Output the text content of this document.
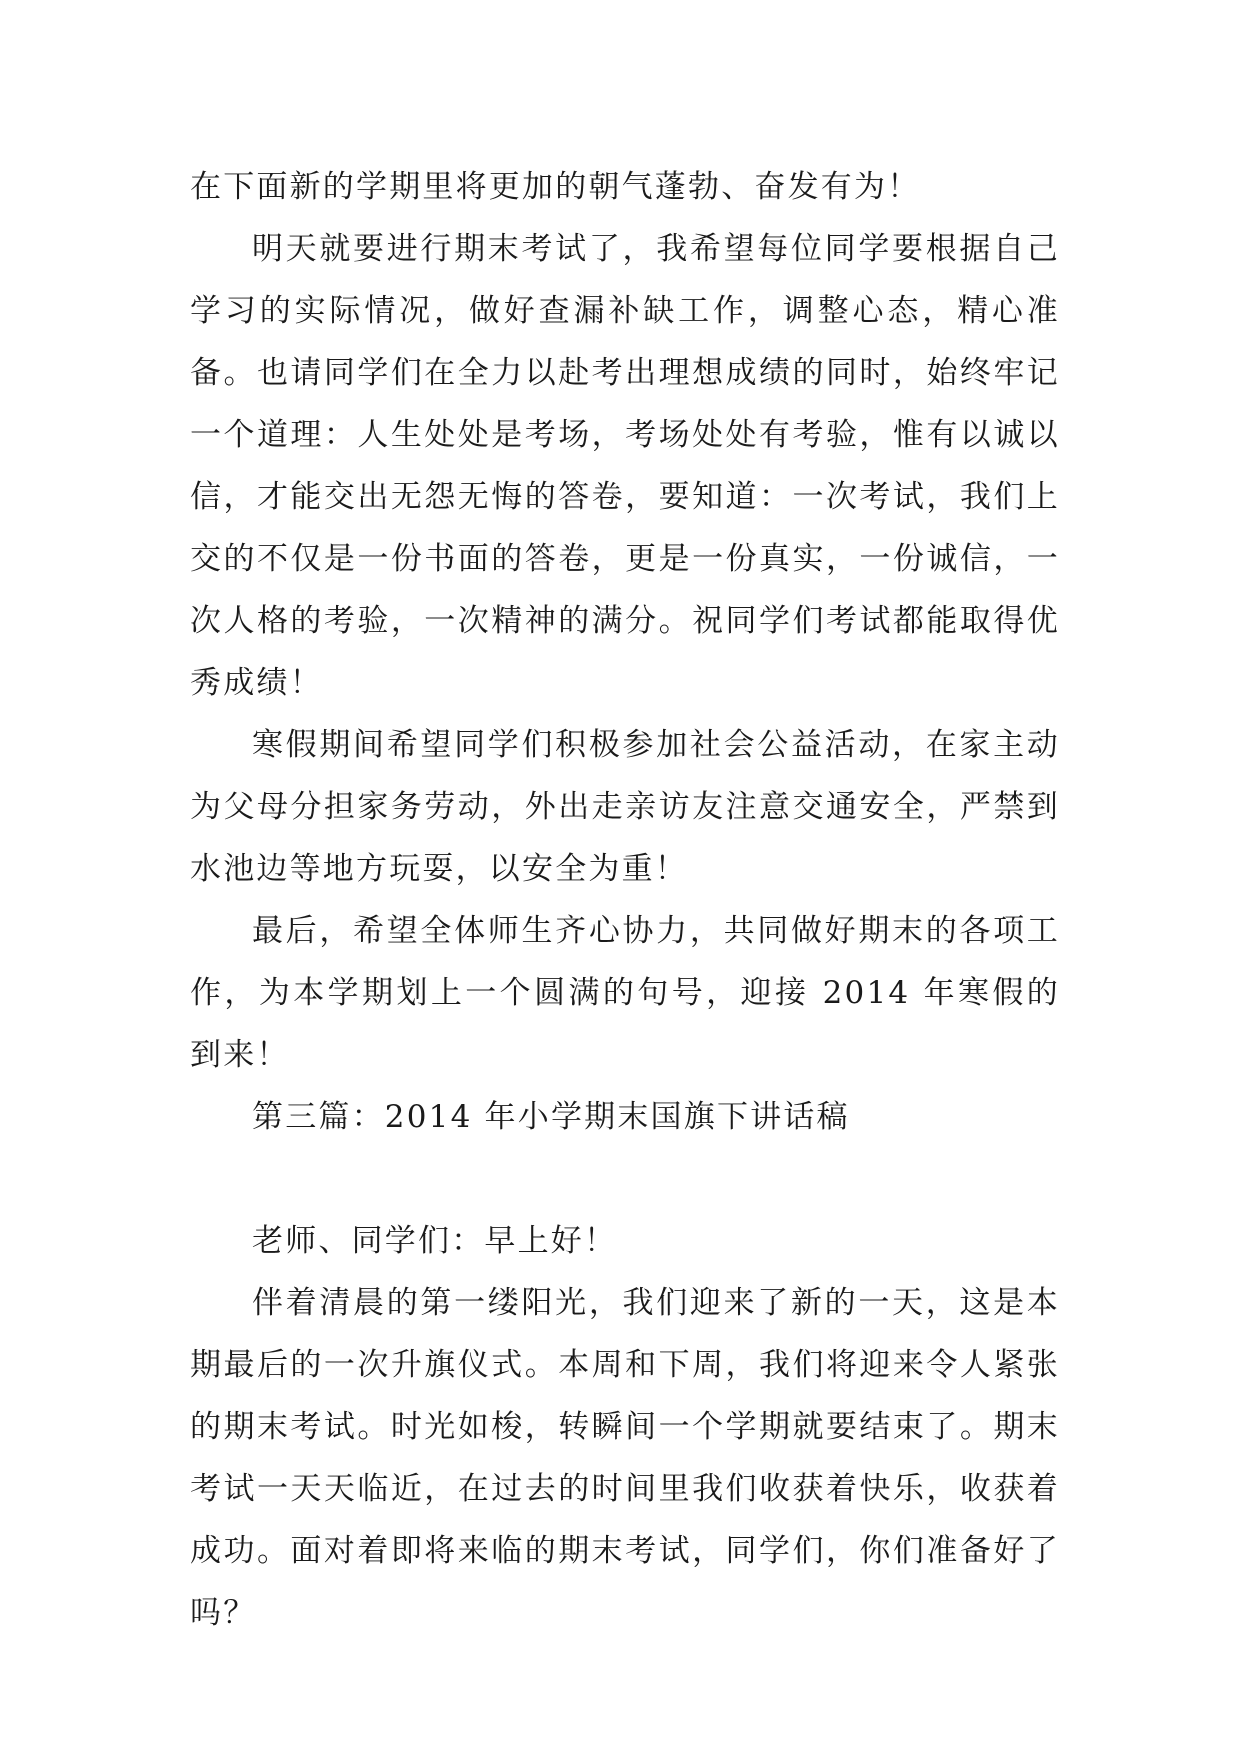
在下面新的学期里将更加的朝气蓬勃、奋发有为！

明天就要进行期末考试了，我希望每位同学要根据自己学习的实际情况，做好查漏补缺工作，调整心态，精心准备。也请同学们在全力以赴考出理想成绩的同时，始终牢记一个道理：人生处处是考场，考场处处有考验，惟有以诚以信，才能交出无怨无悔的答卷，要知道：一次考试，我们上交的不仅是一份书面的答卷，更是一份真实，一份诚信，一次人格的考验，一次精神的满分。祝同学们考试都能取得优秀成绩！

寒假期间希望同学们积极参加社会公益活动，在家主动为父母分担家务劳动，外出走亲访友注意交通安全，严禁到水池边等地方玩耍，以安全为重！

最后，希望全体师生齐心协力，共同做好期末的各项工作，为本学期划上一个圆满的句号，迎接 2014 年寒假的到来！

第三篇：2014 年小学期末国旗下讲话稿

老师、同学们：早上好！

伴着清晨的第一缕阳光，我们迎来了新的一天，这是本期最后的一次升旗仪式。本周和下周，我们将迎来令人紧张的期末考试。时光如梭，转瞬间一个学期就要结束了。期末考试一天天临近，在过去的时间里我们收获着快乐，收获着成功。面对着即将来临的期末考试，同学们，你们准备好了吗？
